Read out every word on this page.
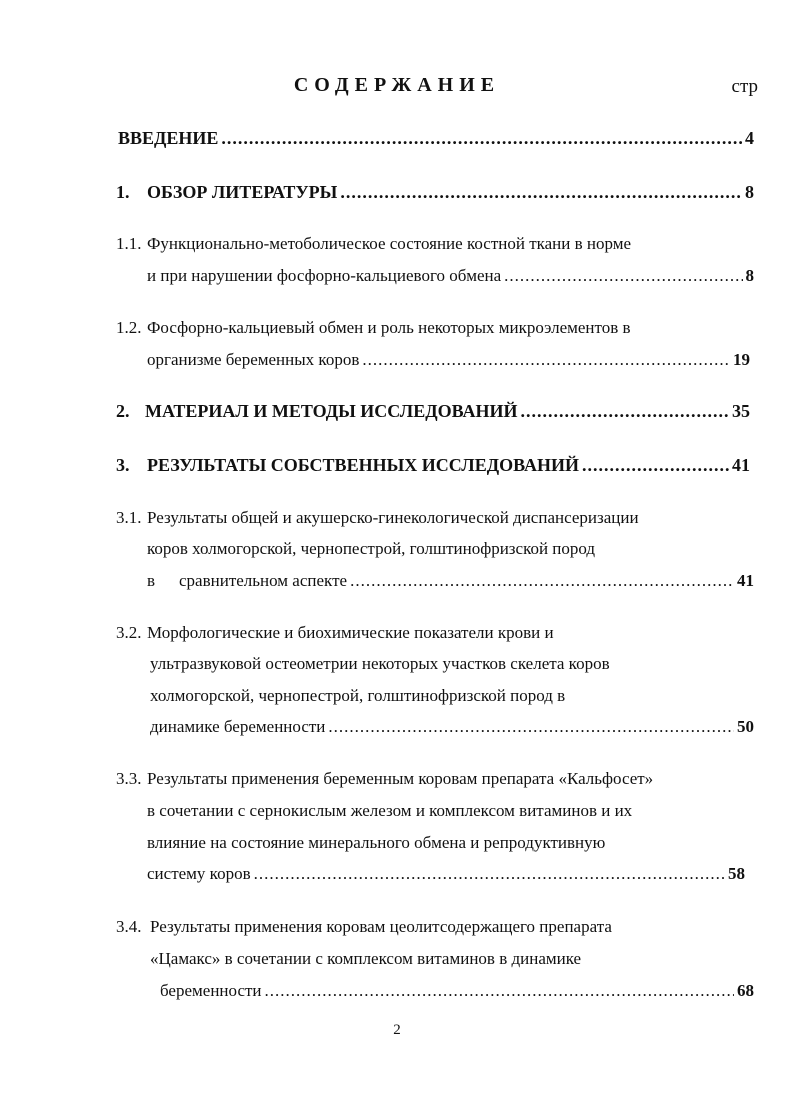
СОДЕРЖАНИЕ	стр
ВВЕДЕНИЕ .....	4
1. ОБЗОР ЛИТЕРАТУРЫ .....	8
1.1. Функционально-метоболическое состояние костной ткани в норме
и при нарушении фосфорно-кальциевого обмена .....	8
1.2. Фосфорно-кальциевый обмен и роль некоторых микроэлементов в
организме беременных коров .....	19
2. МАТЕРИАЛ И МЕТОДЫ ИССЛЕДОВАНИЙ .....	35
3. РЕЗУЛЬТАТЫ СОБСТВЕННЫХ ИССЛЕДОВАНИЙ .....	41
3.1. Результаты общей и акушерско-гинекологической диспансеризации
коров холмогорской, чернопестрой, голштинофризской пород
в сравнительном аспекте .....	41
3.2. Морфологические и биохимические показатели крови и
ультразвуковой остеометрии некоторых участков скелета коров
холмогорской, чернопестрой, голштинофризской пород в
динамике беременности .....	50
3.3. Результаты применения беременным коровам препарата «Кальфосет»
в сочетании с сернокислым железом и комплексом витаминов и их
влияние на состояние минерального обмена и репродуктивную
систему коров .....	58
3.4. Результаты применения коровам цеолитсодержащего препарата
«Цамакс» в сочетании с комплексом витаминов в динамике
беременности .....	68
2
